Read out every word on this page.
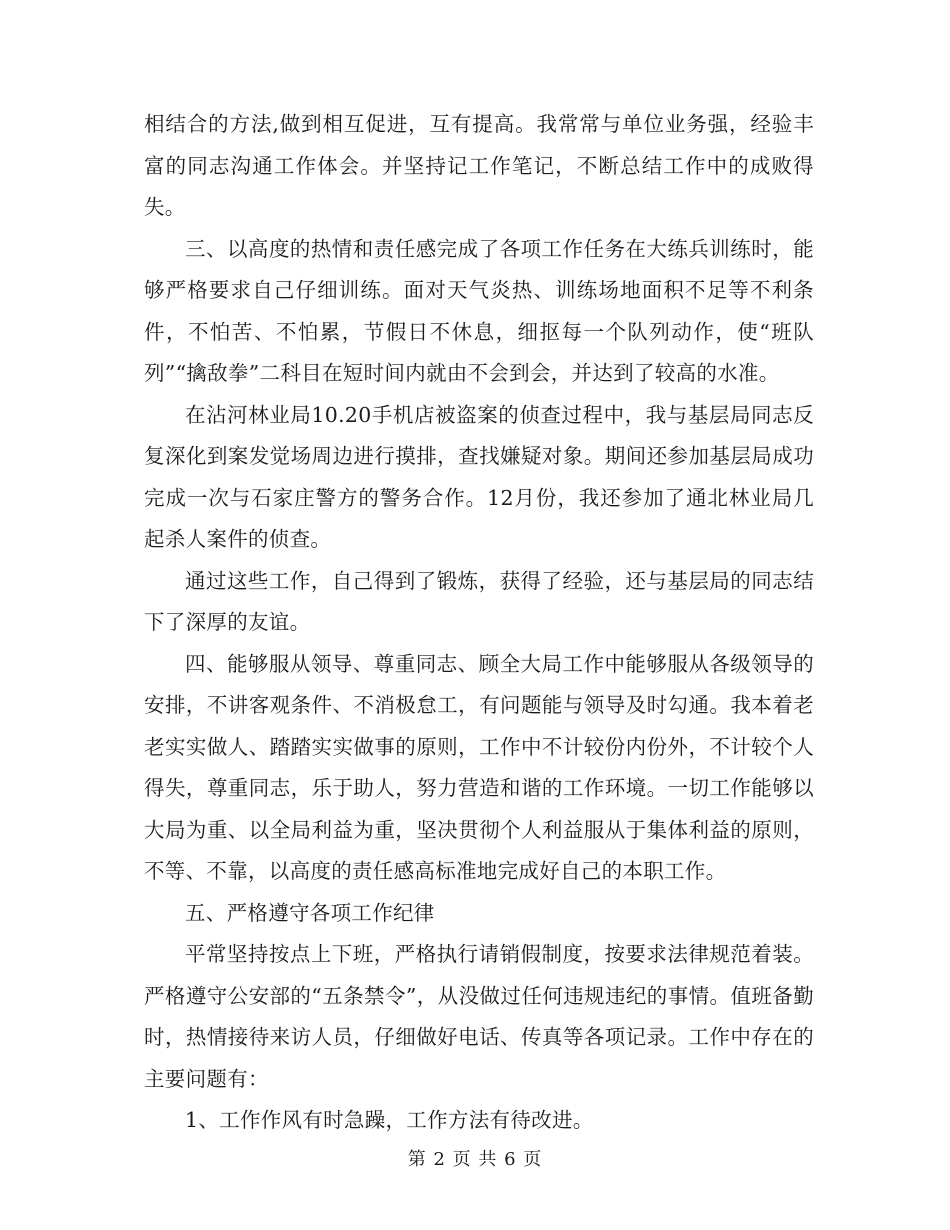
相结合的方法,做到相互促进，互有提高。我常常与单位业务强，经验丰富的同志沟通工作体会。并坚持记工作笔记，不断总结工作中的成败得失。

三、以高度的热情和责任感完成了各项工作任务在大练兵训练时，能够严格要求自己仔细训练。面对天气炎热、训练场地面积不足等不利条件，不怕苦、不怕累，节假日不休息，细抠每一个队列动作，使“班队列”“擒敌拳”二科目在短时间内就由不会到会，并达到了较高的水准。

在沾河林业局10.20手机店被盗案的侦查过程中，我与基层局同志反复深化到案发觉场周边进行摸排，查找嫌疑对象。期间还参加基层局成功完成一次与石家庄警方的警务合作。12月份，我还参加了通北林业局几起杀人案件的侦查。

通过这些工作，自己得到了锻炼，获得了经验，还与基层局的同志结下了深厚的友谊。

四、能够服从领导、尊重同志、顾全大局工作中能够服从各级领导的安排，不讲客观条件、不消极怠工，有问题能与领导及时勾通。我本着老老实实做人、踏踏实实做事的原则，工作中不计较份内份外，不计较个人得失，尊重同志，乐于助人，努力营造和谐的工作环境。一切工作能够以大局为重、以全局利益为重，坚决贯彻个人利益服从于集体利益的原则，不等、不靠，以高度的责任感高标准地完成好自己的本职工作。

五、严格遵守各项工作纪律

平常坚持按点上下班，严格执行请销假制度，按要求法律规范着装。严格遵守公安部的“五条禁令”，从没做过任何违规违纪的事情。值班备勤时，热情接待来访人员，仔细做好电话、传真等各项记录。工作中存在的主要问题有：

1、工作作风有时急躁，工作方法有待改进。

第 2 页 共 6 页
